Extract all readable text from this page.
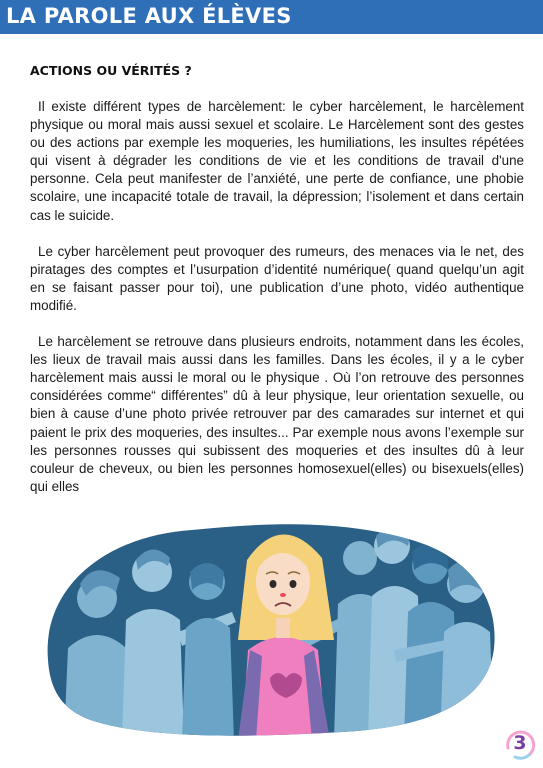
LA PAROLE AUX ÉLÈVES
ACTIONS OU VÉRITÉS ?

Il existe différent types de harcèlement: le cyber harcèlement, le harcèlement physique ou moral mais aussi sexuel et scolaire. Le Harcèlement sont des gestes ou des actions par exemple les moqueries, les humiliations, les insultes répétées qui visent à dégrader les conditions de vie et les conditions de travail d'une personne. Cela peut manifester de l’anxiété, une perte de confiance, une phobie scolaire, une incapacité totale de travail, la dépression; l’isolement et dans certain cas le suicide.

Le cyber harcèlement peut provoquer des rumeurs, des menaces via le net, des piratages des comptes et l’usurpation d’identité numérique( quand quelqu’un agit en se faisant passer pour toi), une publication d’une photo, vidéo authentique modifié.

Le harcèlement se retrouve dans plusieurs endroits, notamment dans les écoles, les lieux de travail mais aussi dans les familles. Dans les écoles, il y a le cyber harcèlement mais aussi le moral ou le physique . Où l’on retrouve des personnes considérées comme“ différentes” dû à leur physique, leur orientation sexuelle, ou bien à cause d’une photo privée retrouver par des camarades sur internet et qui paient le prix des moqueries, des insultes... Par exemple nous avons l’exemple sur les personnes rousses qui subissent des moqueries et des insultes dû à leur couleur de cheveux, ou bien les personnes homosexuel(elles) ou bisexuels(elles) qui elles

3
